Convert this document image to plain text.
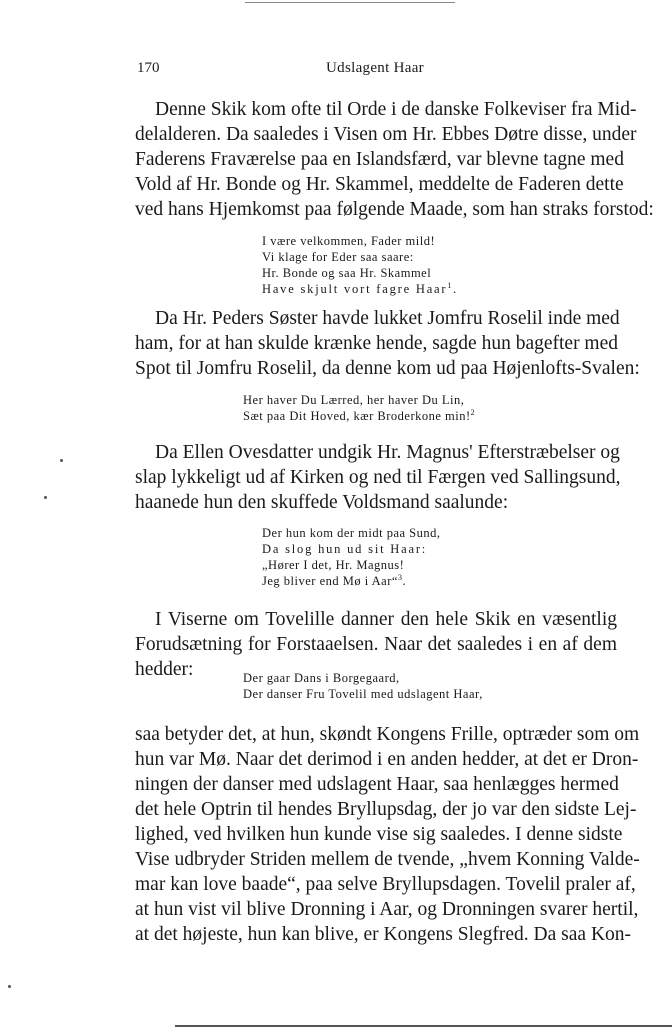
170	Udslagent Haar
Denne Skik kom ofte til Orde i de danske Folkeviser fra Mid-
delalderen. Da saaledes i Visen om Hr. Ebbes Døtre disse, under
Faderens Fraværelse paa en Islandsfærd, var blevne tagne med
Vold af Hr. Bonde og Hr. Skammel, meddelte de Faderen dette
ved hans Hjemkomst paa følgende Maade, som han straks forstod:
I være velkommen, Fader mild!
Vi klage for Eder saa saare:
Hr. Bonde og saa Hr. Skammel
Have skjult vort fagre Haar$^1$.
Da Hr. Peders Søster havde lukket Jomfru Roselil inde med
ham, for at han skulde krænke hende, sagde hun bagefter med
Spot til Jomfru Roselil, da denne kom ud paa Højenlofts-Svalen:
Her haver Du Lærred, her haver Du Lin,
Sæt paa Dit Hoved, kær Broderkone min!$^2$
Da Ellen Ovesdatter undgik Hr. Magnus' Efterstræbelser og
slap lykkeligt ud af Kirken og ned til Færgen ved Sallingsund,
haanede hun den skuffede Voldsmand saalunde:
Der hun kom der midt paa Sund,
Da slog hun ud sit Haar:
„Hører I det, Hr. Magnus!
Jeg bliver end Mø i Aar“$^3$.
I Viserne om Tovelille danner den hele Skik en væsentlig
Forudsætning for Forstaaelsen. Naar det saaledes i en af dem
hedder:	Der gaar Dans i Borgegaard,
Der danser Fru Tovelil med udslagent Haar,
saa betyder det, at hun, skøndt Kongens Frille, optræder som om
hun var Mø. Naar det derimod i en anden hedder, at det er Dron-
ningen der danser med udslagent Haar, saa henlægges hermed
det hele Optrin til hendes Bryllupsdag, der jo var den sidste Lej-
lighed, ved hvilken hun kunde vise sig saaledes. I denne sidste
Vise udbryder Striden mellem de tvende, „hvem Konning Valde-
mar kan love baade“, paa selve Bryllupsdagen. Tovelil praler af,
at hun vist vil blive Dronning i Aar, og Dronningen svarer hertil,
at det højeste, hun kan blive, er Kongens Slegfred. Da saa Kon-
